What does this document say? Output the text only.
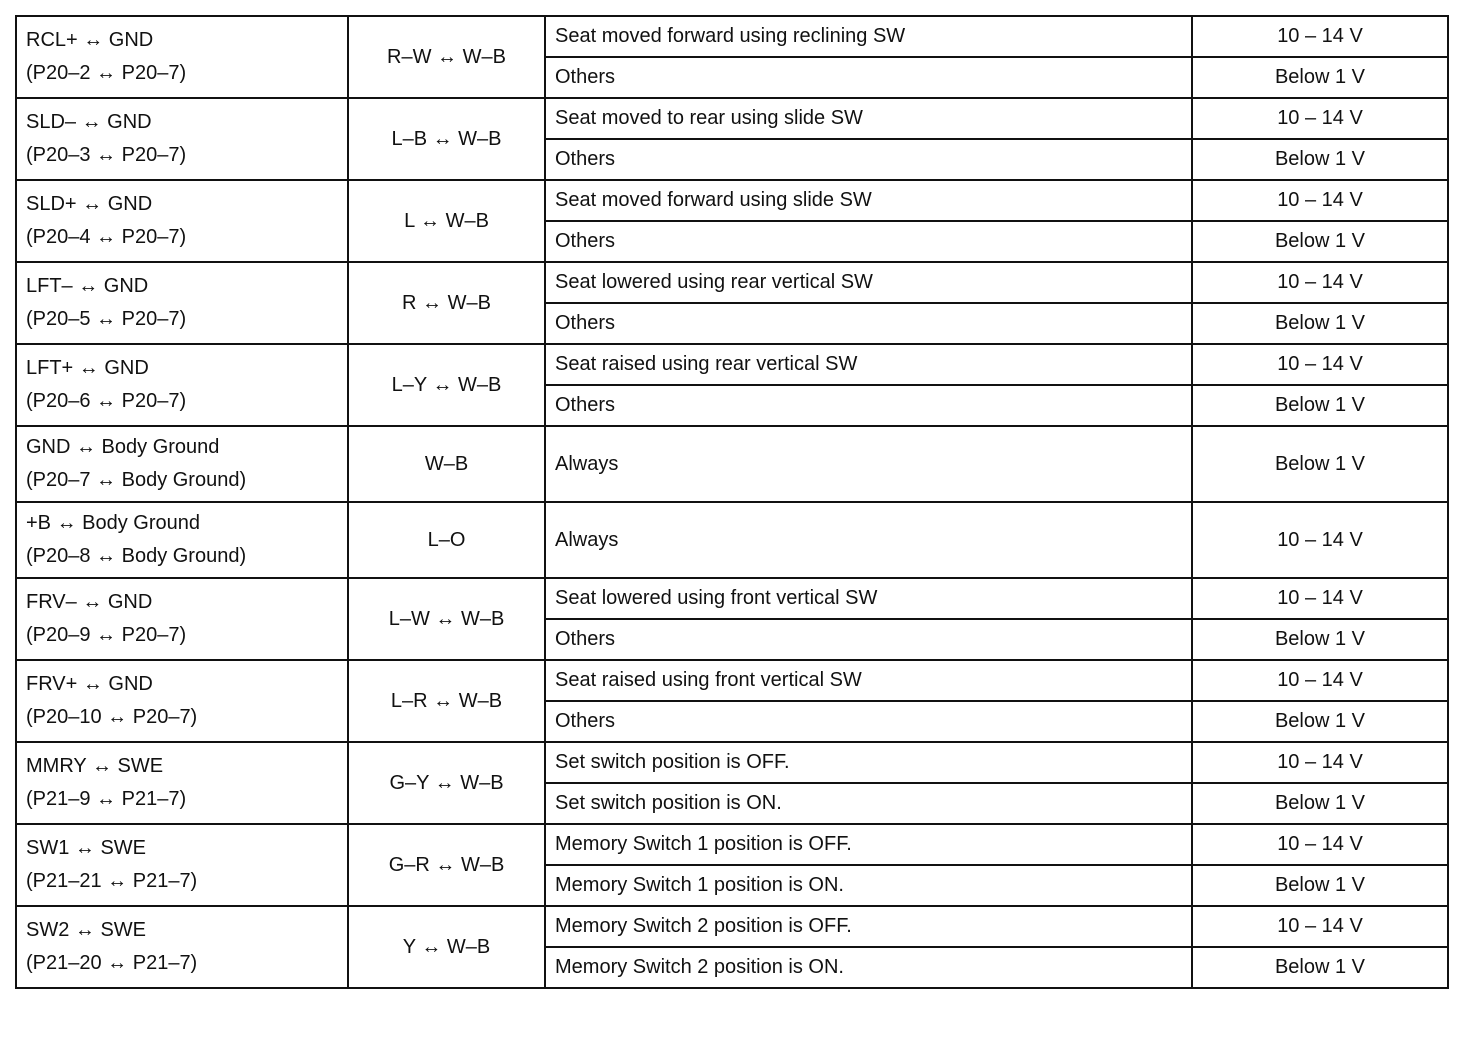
RCL+ ↔ GND
(P20–2 ↔ P20–7)	R–W ↔ W–B	Seat moved forward using reclining SW	10 – 14 V
		Others	Below 1 V

SLD– ↔ GND
(P20–3 ↔ P20–7)	L–B ↔ W–B	Seat moved to rear using slide SW	10 – 14 V
		Others	Below 1 V

SLD+ ↔ GND
(P20–4 ↔ P20–7)	L ↔ W–B	Seat moved forward using slide SW	10 – 14 V
		Others	Below 1 V

LFT– ↔ GND
(P20–5 ↔ P20–7)	R ↔ W–B	Seat lowered using rear vertical SW	10 – 14 V
		Others	Below 1 V

LFT+ ↔ GND
(P20–6 ↔ P20–7)	L–Y ↔ W–B	Seat raised using rear vertical SW	10 – 14 V
		Others	Below 1 V

GND ↔ Body Ground
(P20–7 ↔ Body Ground)	W–B	Always	Below 1 V

+B ↔ Body Ground
(P20–8 ↔ Body Ground)	L–O	Always	10 – 14 V

FRV– ↔ GND
(P20–9 ↔ P20–7)	L–W ↔ W–B	Seat lowered using front vertical SW	10 – 14 V
		Others	Below 1 V

FRV+ ↔ GND
(P20–10 ↔ P20–7)	L–R ↔ W–B	Seat raised using front vertical SW	10 – 14 V
		Others	Below 1 V

MMRY ↔ SWE
(P21–9 ↔ P21–7)	G–Y ↔ W–B	Set switch position is OFF.	10 – 14 V
		Set switch position is ON.	Below 1 V

SW1 ↔ SWE
(P21–21 ↔ P21–7)	G–R ↔ W–B	Memory Switch 1 position is OFF.	10 – 14 V
		Memory Switch 1 position is ON.	Below 1 V

SW2 ↔ SWE
(P21–20 ↔ P21–7)	Y ↔ W–B	Memory Switch 2 position is OFF.	10 – 14 V
		Memory Switch 2 position is ON.	Below 1 V
